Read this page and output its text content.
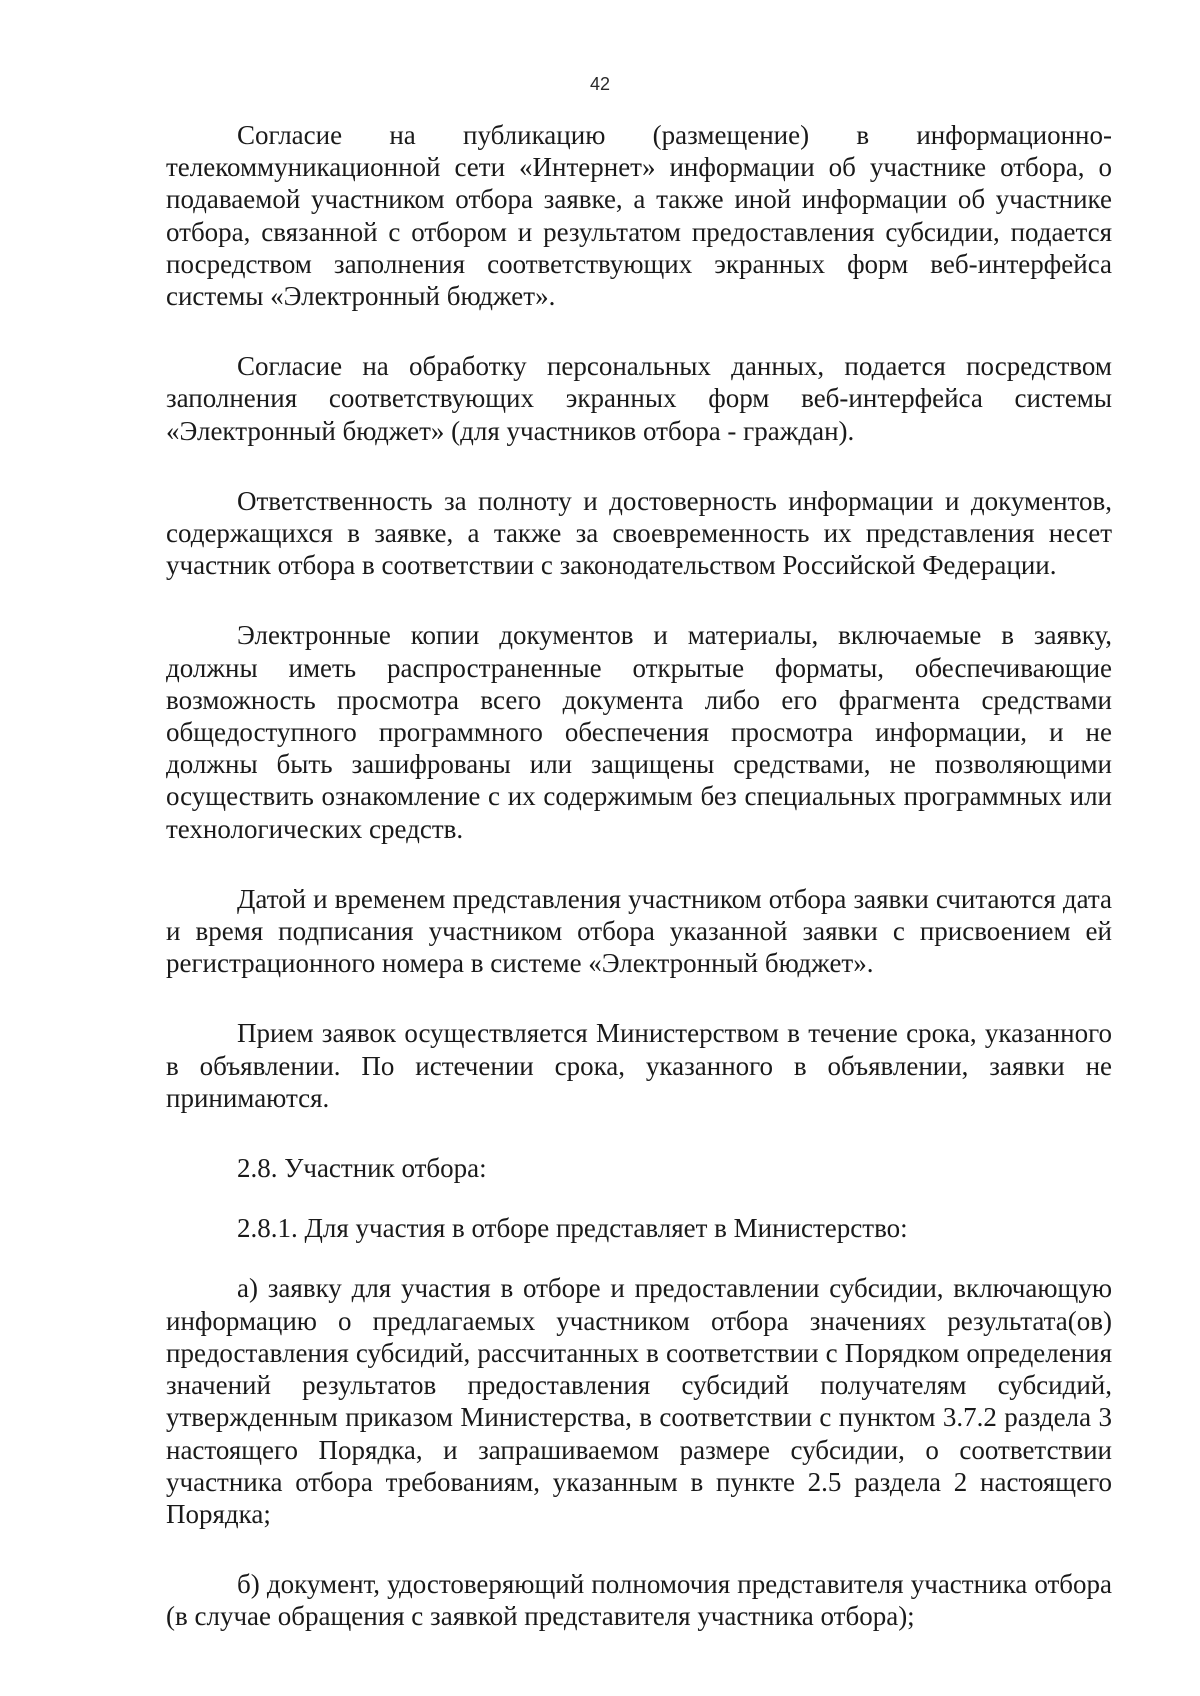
42

Согласие на публикацию (размещение) в информационно-телекоммуникационной сети «Интернет» информации об участнике отбора, о подаваемой участником отбора заявке, а также иной информации об участнике отбора, связанной с отбором и результатом предоставления субсидии, подается посредством заполнения соответствующих экранных форм веб-интерфейса системы «Электронный бюджет».

Согласие на обработку персональных данных, подается посредством заполнения соответствующих экранных форм веб-интерфейса системы «Электронный бюджет» (для участников отбора - граждан).

Ответственность за полноту и достоверность информации и документов, содержащихся в заявке, а также за своевременность их представления несет участник отбора в соответствии с законодательством Российской Федерации.

Электронные копии документов и материалы, включаемые в заявку, должны иметь распространенные открытые форматы, обеспечивающие возможность просмотра всего документа либо его фрагмента средствами общедоступного программного обеспечения просмотра информации, и не должны быть зашифрованы или защищены средствами, не позволяющими осуществить ознакомление с их содержимым без специальных программных или технологических средств.

Датой и временем представления участником отбора заявки считаются дата и время подписания участником отбора указанной заявки с присвоением ей регистрационного номера в системе «Электронный бюджет».

Прием заявок осуществляется Министерством в течение срока, указанного в объявлении. По истечении срока, указанного в объявлении, заявки не принимаются.

2.8. Участник отбора:

2.8.1. Для участия в отборе представляет в Министерство:

а) заявку для участия в отборе и предоставлении субсидии, включающую информацию о предлагаемых участником отбора значениях результата(ов) предоставления субсидий, рассчитанных в соответствии с Порядком определения значений результатов предоставления субсидий получателям субсидий, утвержденным приказом Министерства, в соответствии с пунктом 3.7.2 раздела 3 настоящего Порядка, и запрашиваемом размере субсидии, о соответствии участника отбора требованиям, указанным в пункте 2.5 раздела 2 настоящего Порядка;

б) документ, удостоверяющий полномочия представителя участника отбора (в случае обращения с заявкой представителя участника отбора);
